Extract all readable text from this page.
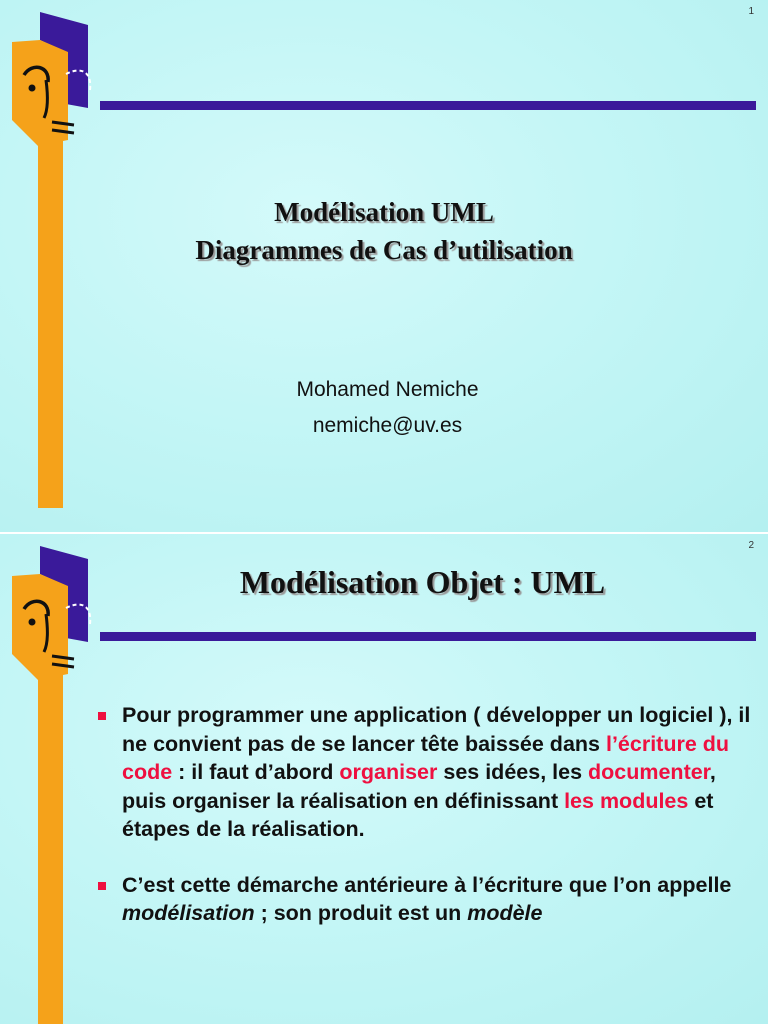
1
Modélisation UML
Diagrammes de Cas d’utilisation
Mohamed Nemiche
nemiche@uv.es
2
Modélisation Objet : UML
Pour programmer une application ( développer un logiciel ), il ne convient pas de se lancer tête baissée dans l’écriture du code : il faut d’abord organiser ses idées, les documenter, puis organiser la réalisation en définissant les modules et étapes de la réalisation.
C’est cette démarche antérieure à l’écriture que l’on appelle modélisation ; son produit est un modèle
